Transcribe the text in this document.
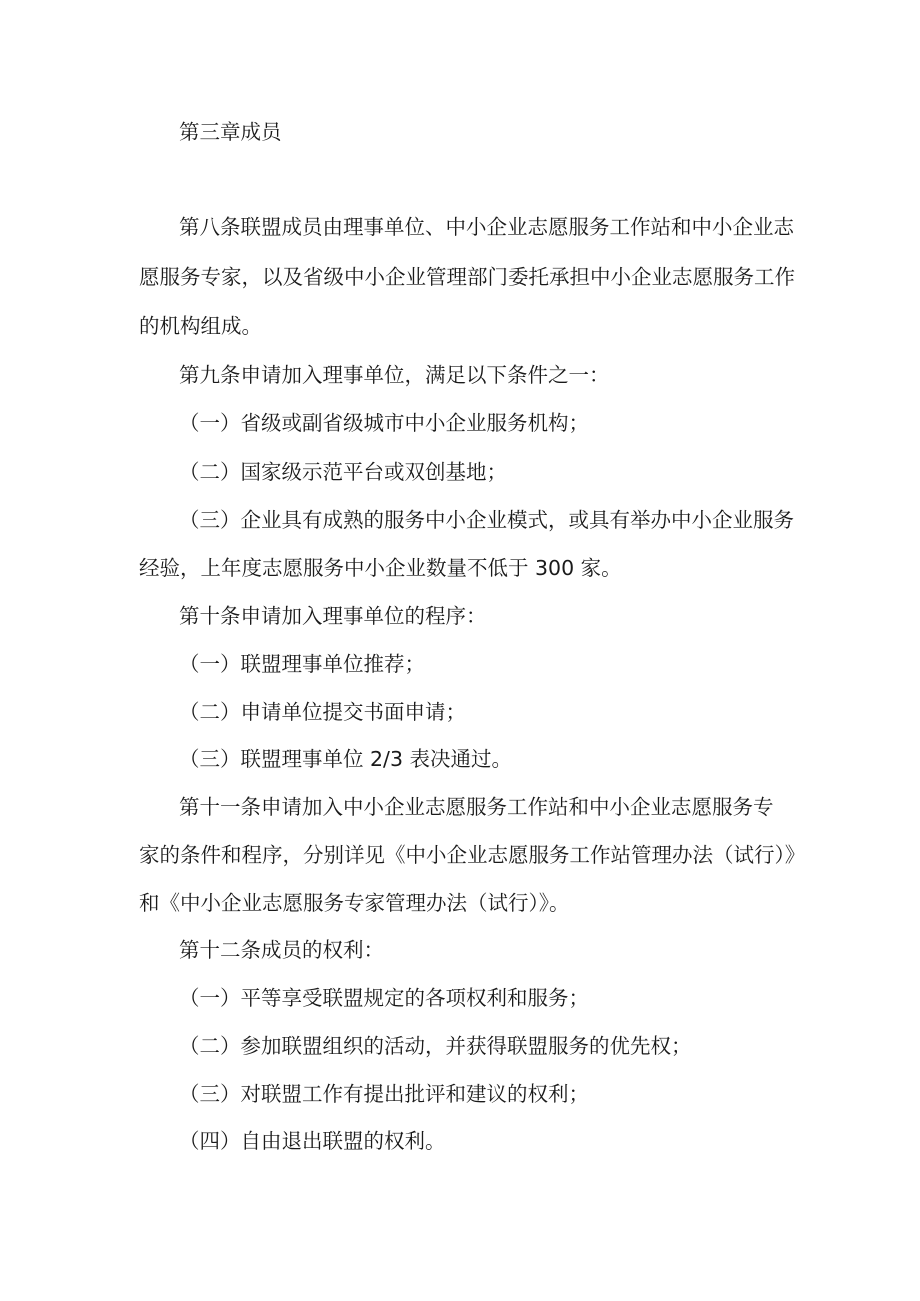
第三章成员
第八条联盟成员由理事单位、中小企业志愿服务工作站和中小企业志
愿服务专家，以及省级中小企业管理部门委托承担中小企业志愿服务工作
的机构组成。
第九条申请加入理事单位，满足以下条件之一：
（一）省级或副省级城市中小企业服务机构；
（二）国家级示范平台或双创基地；
（三）企业具有成熟的服务中小企业模式，或具有举办中小企业服务
经验，上年度志愿服务中小企业数量不低于 300 家。
第十条申请加入理事单位的程序：
（一）联盟理事单位推荐；
（二）申请单位提交书面申请；
（三）联盟理事单位 2/3 表决通过。
第十一条申请加入中小企业志愿服务工作站和中小企业志愿服务专
家的条件和程序，分别详见《中小企业志愿服务工作站管理办法（试行）》
和《中小企业志愿服务专家管理办法（试行）》。
第十二条成员的权利：
（一）平等享受联盟规定的各项权利和服务；
（二）参加联盟组织的活动，并获得联盟服务的优先权；
（三）对联盟工作有提出批评和建议的权利；
（四）自由退出联盟的权利。
